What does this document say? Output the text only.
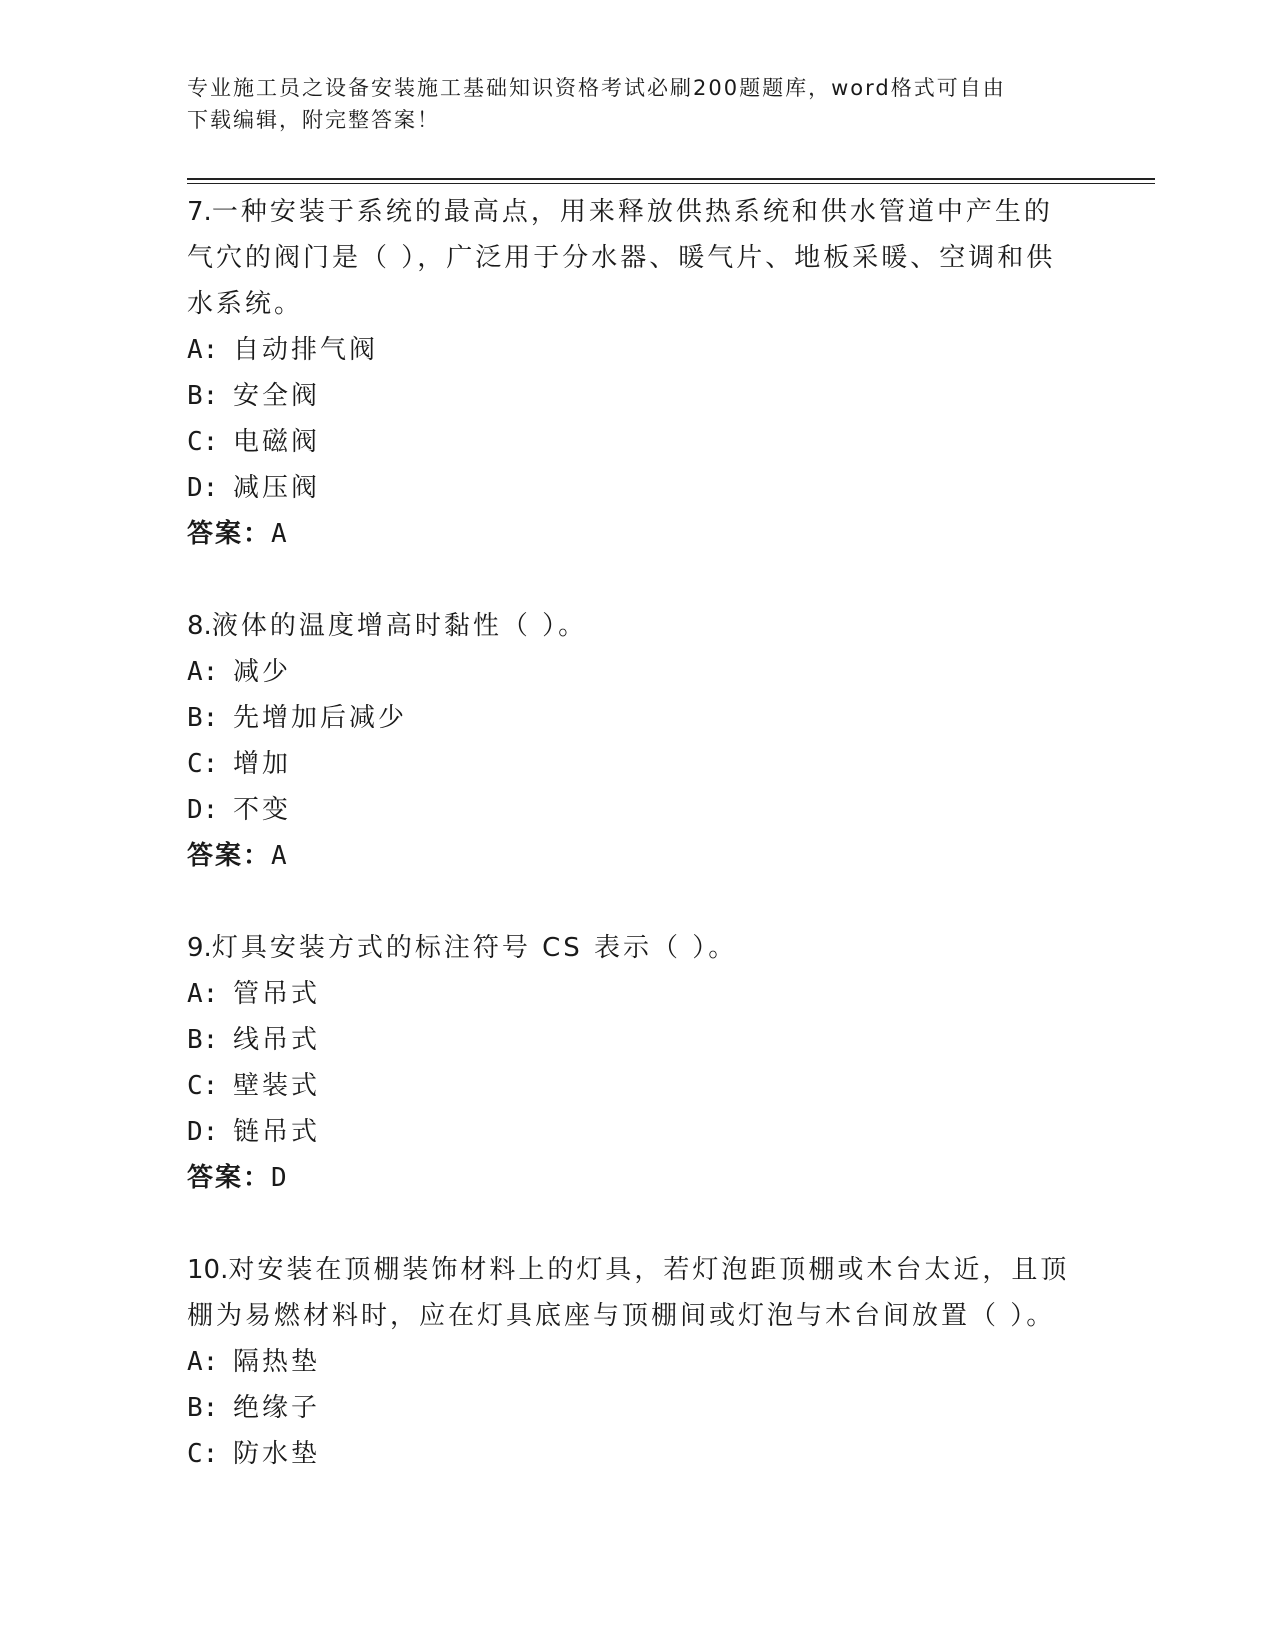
专业施工员之设备安装施工基础知识资格考试必刷200题题库，word格式可自由
下载编辑，附完整答案！
7.一种安装于系统的最高点，用来释放供热系统和供水管道中产生的
气穴的阀门是（ ），广泛用于分水器、暖气片、地板采暖、空调和供
水系统。
A: 自动排气阀
B: 安全阀
C: 电磁阀
D: 减压阀
答案：A
8.液体的温度增高时黏性（ ）。
A: 减少
B: 先增加后减少
C: 增加
D: 不变
答案：A
9.灯具安装方式的标注符号 CS 表示（ ）。
A: 管吊式
B: 线吊式
C: 壁装式
D: 链吊式
答案：D
10.对安装在顶棚装饰材料上的灯具，若灯泡距顶棚或木台太近，且顶
棚为易燃材料时，应在灯具底座与顶棚间或灯泡与木台间放置（ ）。
A: 隔热垫
B: 绝缘子
C: 防水垫
